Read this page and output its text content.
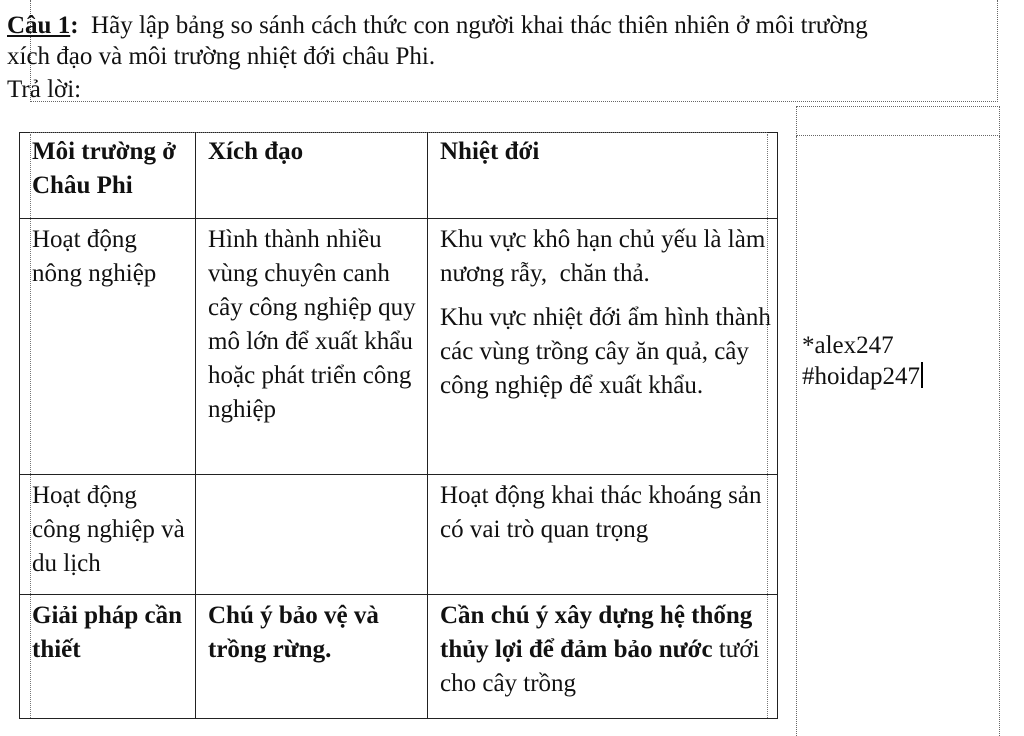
Câu 1:  Hãy lập bảng so sánh cách thức con người khai thác thiên nhiên ở môi trường
xích đạo và môi trường nhiệt đới châu Phi.
Trả lời:
Môi trường ở Châu Phi	Xích đạo	Nhiệt đới
Hoạt động nông nghiệp	Hình thành nhiều vùng chuyên canh cây công nghiệp quy mô lớn để xuất khẩu hoặc phát triển công nghiệp	Khu vực khô hạn chủ yếu là làm nương rẫy,  chăn thả.
Khu vực nhiệt đới ẩm hình thành các vùng trồng cây ăn quả, cây công nghiệp để xuất khẩu.

Hoạt động công nghiệp và du lịch		Hoạt động khai thác khoáng sản có vai trò quan trọng
Giải pháp cần thiết	Chú ý bảo vệ và trồng rừng.	Cần chú ý xây dựng hệ thống thủy lợi để đảm bảo nước tưới cho cây trồng
*alex247
#hoidap247
